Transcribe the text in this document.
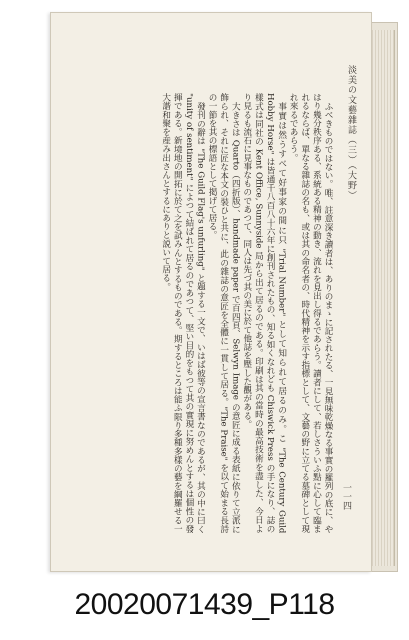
淡美の文藝雜誌（三）（大野）
一一四

ふべきものではない。唯、註意深き讀者は、ありのまゝに記されたる、一見無味乾燥なる事實の羅列の底に、やはり幾分秩序ある、系統ある精神の動き、流れを見出し得るであらう。讀者にして、若しさういふ點に心して臨まれるならば、單なる雜誌の名も、或は其の命名者の、時代精神を示す指標として、文藝の野に立てる墓碑として現れ來るであらう。

事實は然うすべて好事家の間に只 "Trial Number" として知られて居るのみ。こ "The Century Guild Hobby Horse" は皆通千八百八十六年に創刊されたもの、知る如くなれども Chiswick Press の手になり、誌の樣式は同社の Kent Office, Sunnyside 局から出て居るのである。印刷は其の當時の最高技術を盡した、今日より見るも流石に見事なものであつて、同人は先づ其の美に於て他誌を壓した觀がある。

大きさは Quarto（四折版）、handmade paper で百四頁、Selwyn Image の意匠に成る表紙に依りて立派に飾られ、それに匠な本文の裝ひと共に、此の雜誌の意匠を全體に一貫して居る。"The Praise" を以て始まる長詩の一節を其の標語として掲げて居る。

發刊の辭は "The Guild Flag's unfurling" と題する一文で、いはば彼等の宣言書なのであるが、其の中に曰く "unity of sentiment" によつて結ばれて居るのであつて、堅い目的をもつて其の實現に努めんとするは個性の發揮である。新境地の開拓に於て之を試みんとするものである。期するところは能ふ限り多種多樣の藝を綱羅せる一大諧和聚を産み出さんとするにありと説いて居る。

20020071439_P118
